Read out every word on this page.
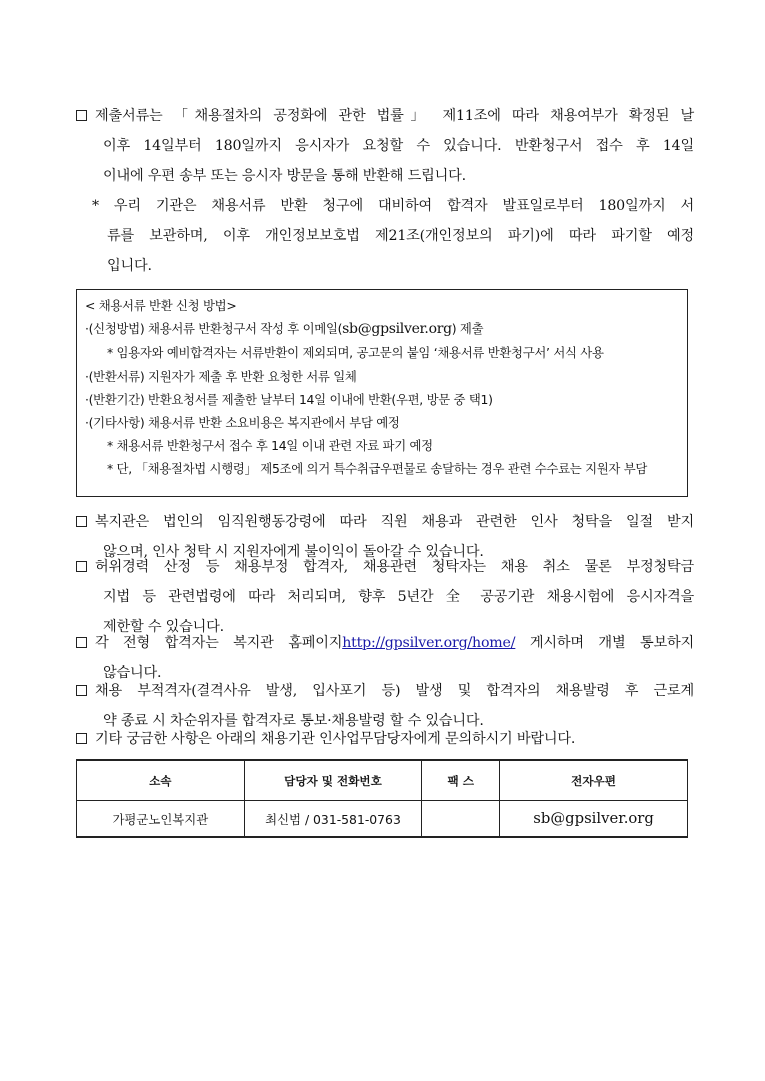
제출서류는 「채용절차의 공정화에 관한 법률」 제11조에 따라 채용여부가 확정된 날
이후 14일부터 180일까지 응시자가 요청할 수 있습니다. 반환청구서 접수 후 14일
이내에 우편 송부 또는 응시자 방문을 통해 반환해 드립니다.
* 우리 기관은 채용서류 반환 청구에 대비하여 합격자 발표일로부터 180일까지 서
류를 보관하며, 이후 개인정보보호법 제21조(개인정보의 파기)에 따라 파기할 예정
입니다.
< 채용서류 반환 신청 방법>
·(신청방법) 채용서류 반환청구서 작성 후 이메일(sb@gpsilver.org) 제출
* 임용자와 예비합격자는 서류반환이 제외되며, 공고문의 붙임 ‘채용서류 반환청구서’ 서식 사용
·(반환서류) 지원자가 제출 후 반환 요청한 서류 일체
·(반환기간) 반환요청서를 제출한 날부터 14일 이내에 반환(우편, 방문 중 택1)
·(기타사항) 채용서류 반환 소요비용은 복지관에서 부담 예정
* 채용서류 반환청구서 접수 후 14일 이내 관련 자료 파기 예정
* 단, 「채용절차법 시행령」 제5조에 의거 특수취급우편물로 송달하는 경우 관련 수수료는 지원자 부담
복지관은 법인의 임직원행동강령에 따라 직원 채용과 관련한 인사 청탁을 일절 받지
않으며, 인사 청탁 시 지원자에게 불이익이 돌아갈 수 있습니다.
허위경력 산정 등 채용부정 합격자, 채용관련 청탁자는 채용 취소 물론 부정청탁금
지법 등 관련법령에 따라 처리되며, 향후 5년간 全 공공기관 채용시험에 응시자격을
제한할 수 있습니다.
각 전형 합격자는 복지관 홈페이지http://gpsilver.org/home/ 게시하며 개별 통보하지
않습니다.
채용 부적격자(결격사유 발생, 입사포기 등) 발생 및 합격자의 채용발령 후 근로계
약 종료 시 차순위자를 합격자로 통보·채용발령 할 수 있습니다.
기타 궁금한 사항은 아래의 채용기관 인사업무담당자에게 문의하시기 바랍니다.
소속	담당자 및 전화번호	팩 스	전자우편
가평군노인복지관	최신범 / 031-581-0763		sb@gpsilver.org
